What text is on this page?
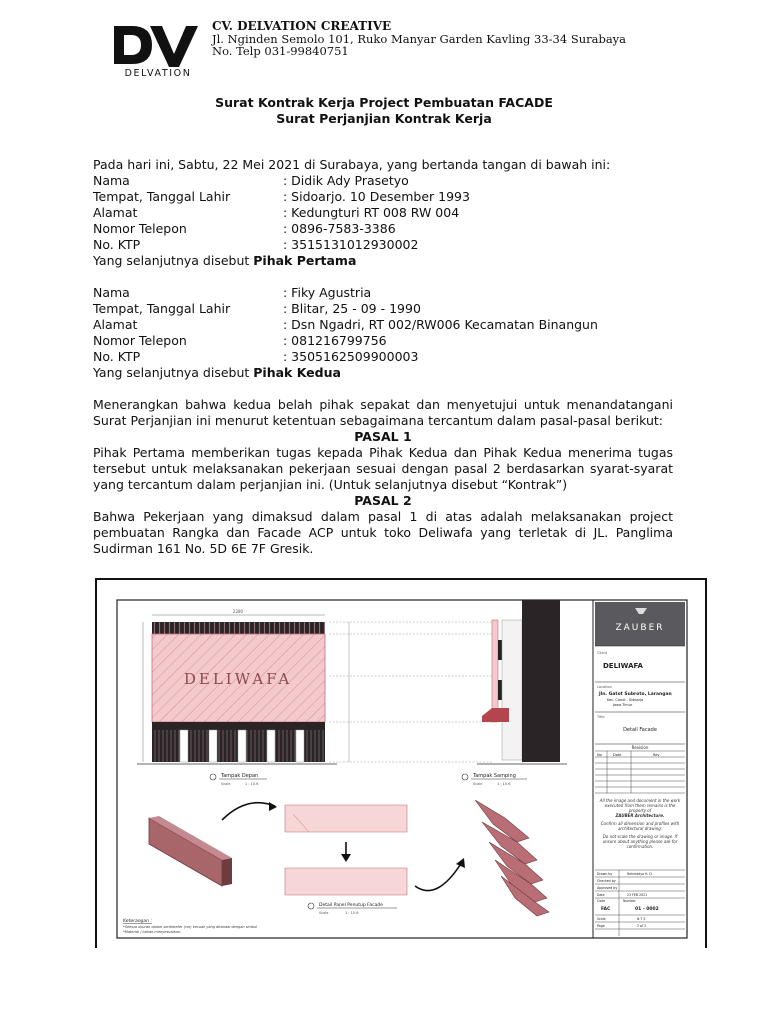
DELVATION
CV. DELVATION CREATIVE
Jl. Nginden Semolo 101, Ruko Manyar Garden Kavling 33-34 Surabaya
No. Telp 031-99840751
Surat Kontrak Kerja Project Pembuatan FACADE
Surat Perjanjian Kontrak Kerja
Pada hari ini, Sabtu, 22 Mei 2021 di Surabaya, yang bertanda tangan di bawah ini:
Nama	: Didik Ady Prasetyo
Tempat, Tanggal Lahir	: Sidoarjo. 10 Desember 1993
Alamat	: Kedungturi RT 008 RW 004
Nomor Telepon	: 0896-7583-3386
No. KTP	: 3515131012930002
Yang selanjutnya disebut Pihak Pertama
Nama	: Fiky Agustria
Tempat, Tanggal Lahir	: Blitar, 25 - 09 - 1990
Alamat	: Dsn Ngadri, RT 002/RW006 Kecamatan Binangun
Nomor Telepon	: 081216799756
No. KTP	: 3505162509900003
Yang selanjutnya disebut Pihak Kedua
Menerangkan bahwa kedua belah pihak sepakat dan menyetujui untuk menandatangani Surat Perjanjian ini menurut ketentuan sebagaimana tercantum dalam pasal-pasal berikut:
PASAL 1
Pihak Pertama memberikan tugas kepada Pihak Kedua dan Pihak Kedua menerima tugas tersebut untuk melaksanakan pekerjaan sesuai dengan pasal 2 berdasarkan syarat-syarat yang tercantum dalam perjanjian ini. (Untuk selanjutnya disebut “Kontrak”)
PASAL 2
Bahwa Pekerjaan yang dimaksud dalam pasal 1 di atas adalah melaksanakan project pembuatan Rangka dan Facade ACP untuk toko Deliwafa yang terletak di JL. Panglima Sudirman 161 No. 5D 6E 7F Gresik.
2280
DELIWAFA
Tampak Depan
Scale	1 : 10.6
Tampak Samping
Scale	1 : 10.6
Detail Panel Penutup Facade
Scale	1 : 10.6
Keterangan :
*Semua ukuran dalam sentimeter (cm) kecuali yang ditandai dengan simbol
*Material / bahan menyesuaikan.
ZAUBER
Client
DELIWAFA
Location
Jln. Gatot Subroto, Larangan
Kec. Candi - Sidoarjo
Jawa Timur
Title
Detail Facade
Revision
No	Date	Rev
All the image and document in the work executed from them remains is the property of
ZAUBER Architecture.
Confirm all dimension and profiles with architectural drawing.
Do not scale the drawing or image. If unsure about anything please ask for confirmation.
Drawn by	Rahmadya H. D.
Checked by
Approved by
Date	23 FEB 2021
Code	Number
FAC	01 - 0002
Scale	N T S
Page	2 of 2
